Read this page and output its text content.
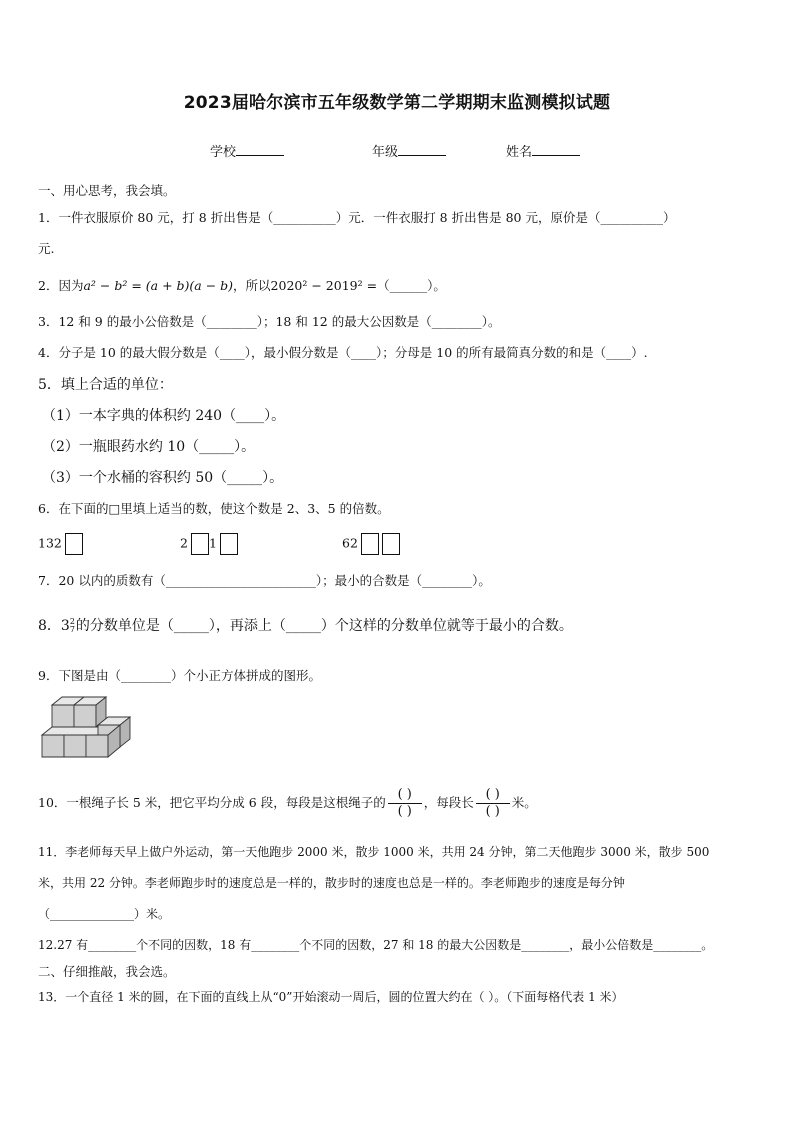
2023届哈尔滨市五年级数学第二学期期末监测模拟试题
学校	年级	姓名
一、用心思考，我会填。
1．一件衣服原价 80 元，打 8 折出售是（__________）元．一件衣服打 8 折出售是 80 元，原价是（__________）
元.
2．因为a² − b² = (a + b)(a − b)，所以2020² − 2019² =（______）。
3．12 和 9 的最小公倍数是（________）；18 和 12 的最大公因数是（________）。
4．分子是 10 的最大假分数是（____），最小假分数是（____）；分母是 10 的所有最简真分数的和是（____）.
5．填上合适的单位：
（1）一本字典的体积约 240（____）。
（2）一瓶眼药水约 10（_____）。
（3）一个水桶的容积约 50（_____）。
6．在下面的□里填上适当的数，使这个数是 2、3、5 的倍数。
132	2 1	62
7．20 以内的质数有（________________________）；最小的合数是（________）。
8．3 2
7 的分数单位是（_____），再添上（_____）个这样的分数单位就等于最小的合数。
9．下图是由（________）个小正方体拼成的图形。
10．一根绳子长 5 米，把它平均分成 6 段，每段是这根绳子的 $\frac{( )}{( )}$ ，每段长 $\frac{( )}{( )}$ 米。
11．李老师每天早上做户外运动，第一天他跑步 2000 米，散步 1000 米，共用 24 分钟，第二天他跑步 3000 米，散步 500
米，共用 22 分钟。李老师跑步时的速度总是一样的，散步时的速度也总是一样的。李老师跑步的速度是每分钟
（______________）米。
12.27 有________个不同的因数，18 有________个不同的因数，27 和 18 的最大公因数是________，最小公倍数是________。
二、仔细推敲，我会选。
13．一个直径 1 米的圆，在下面的直线上从“0”开始滚动一周后，圆的位置大约在（ ）。（下面每格代表 1 米）
